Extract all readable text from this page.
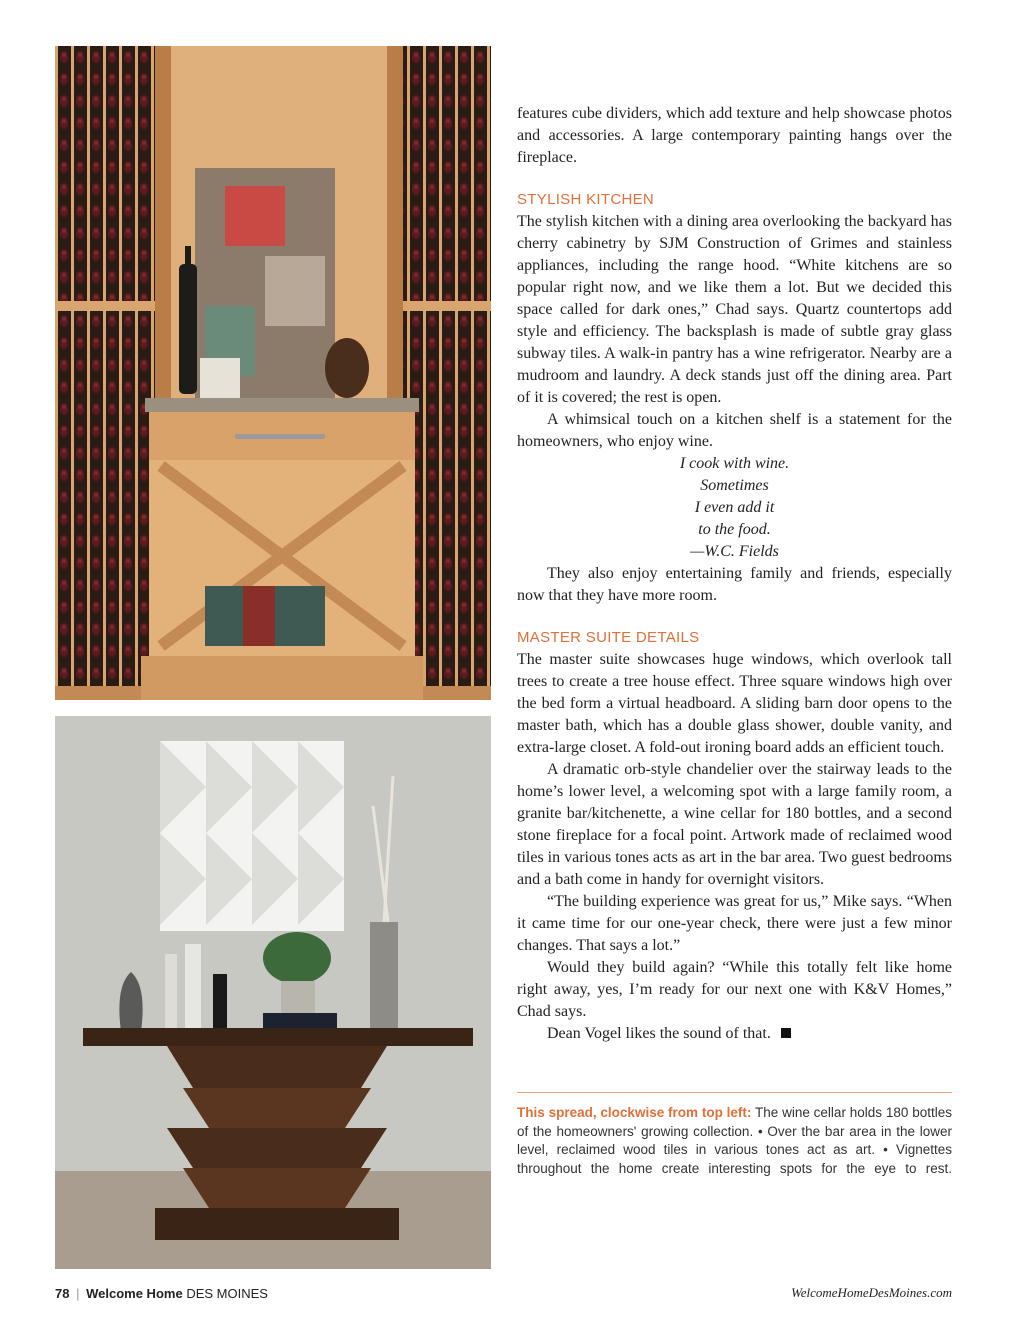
features cube dividers, which add texture and help showcase photos and accessories. A large contemporary painting hangs over the fireplace.

STYLISH KITCHEN

The stylish kitchen with a dining area overlooking the backyard has cherry cabinetry by SJM Construction of Grimes and stainless appliances, including the range hood. “White kitchens are so popular right now, and we like them a lot. But we decided this space called for dark ones,” Chad says. Quartz countertops add style and efficiency. The backsplash is made of subtle gray glass subway tiles. A walk-in pantry has a wine refrigerator. Nearby are a mudroom and laundry. A deck stands just off the dining area. Part of it is covered; the rest is open.

A whimsical touch on a kitchen shelf is a statement for the homeowners, who enjoy wine.

I cook with wine.
Sometimes
I even add it
to the food.
—W.C. Fields

They also enjoy entertaining family and friends, especially now that they have more room.

MASTER SUITE DETAILS

The master suite showcases huge windows, which overlook tall trees to create a tree house effect. Three square windows high over the bed form a virtual headboard. A sliding barn door opens to the master bath, which has a double glass shower, double vanity, and extra-large closet. A fold-out ironing board adds an efficient touch.

A dramatic orb-style chandelier over the stairway leads to the home’s lower level, a welcoming spot with a large family room, a granite bar/kitchenette, a wine cellar for 180 bottles, and a second stone fireplace for a focal point. Artwork made of reclaimed wood tiles in various tones acts as art in the bar area. Two guest bedrooms and a bath come in handy for overnight visitors.

“The building experience was great for us,” Mike says. “When it came time for our one-year check, there were just a few minor changes. That says a lot.”

Would they build again? “While this totally felt like home right away, yes, I’m ready for our next one with K&V Homes,” Chad says.

Dean Vogel likes the sound of that.

This spread, clockwise from top left: The wine cellar holds 180 bottles of the homeowners' growing collection. • Over the bar area in the lower level, reclaimed wood tiles in various tones act as art. • Vignettes throughout the home create interesting spots for the eye to rest.
78 | Welcome Home DES MOINES	WelcomeHomeDesMoines.com
